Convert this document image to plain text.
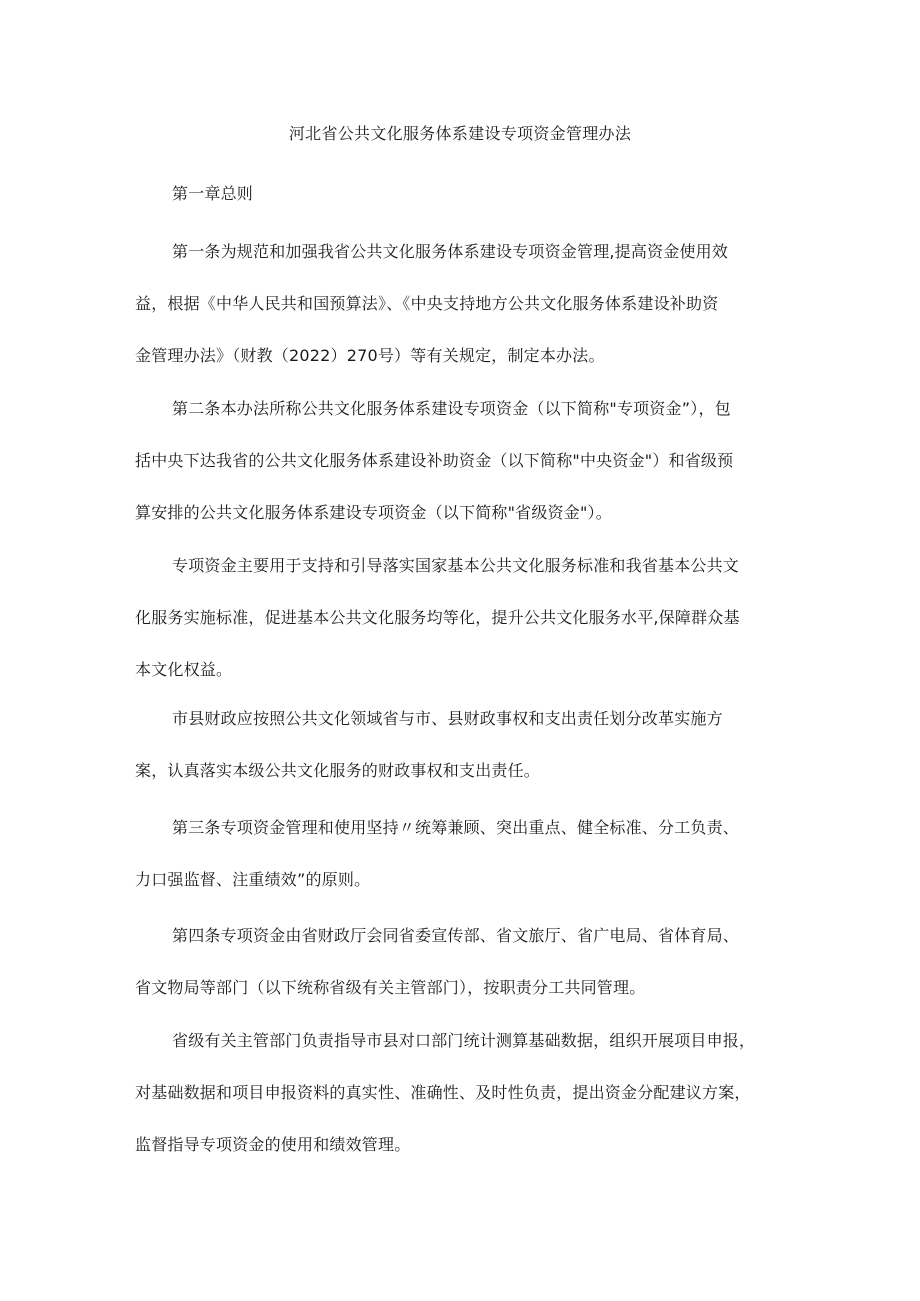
河北省公共文化服务体系建设专项资金管理办法

第一章总则

第一条为规范和加强我省公共文化服务体系建设专项资金管理,提高资金使用效
益，根据《中华人民共和国预算法》、《中央支持地方公共文化服务体系建设补助资
金管理办法》（财教（2022）270号）等有关规定，制定本办法。

第二条本办法所称公共文化服务体系建设专项资金（以下简称"专项资金”），包
括中央下达我省的公共文化服务体系建设补助资金（以下简称"中央资金"）和省级预
算安排的公共文化服务体系建设专项资金（以下简称"省级资金"）。

专项资金主要用于支持和引导落实国家基本公共文化服务标准和我省基本公共文
化服务实施标准，促进基本公共文化服务均等化，提升公共文化服务水平,保障群众基
本文化权益。

市县财政应按照公共文化领域省与市、县财政事权和支出责任划分改革实施方
案，认真落实本级公共文化服务的财政事权和支出责任。

第三条专项资金管理和使用坚持〃统筹兼顾、突出重点、健全标准、分工负责、
力口强监督、注重绩效”的原则。

第四条专项资金由省财政厅会同省委宣传部、省文旅厅、省广电局、省体育局、
省文物局等部门（以下统称省级有关主管部门），按职责分工共同管理。

省级有关主管部门负责指导市县对口部门统计测算基础数据，组织开展项目申报，
对基础数据和项目申报资料的真实性、准确性、及时性负责，提出资金分配建议方案，
监督指导专项资金的使用和绩效管理。
